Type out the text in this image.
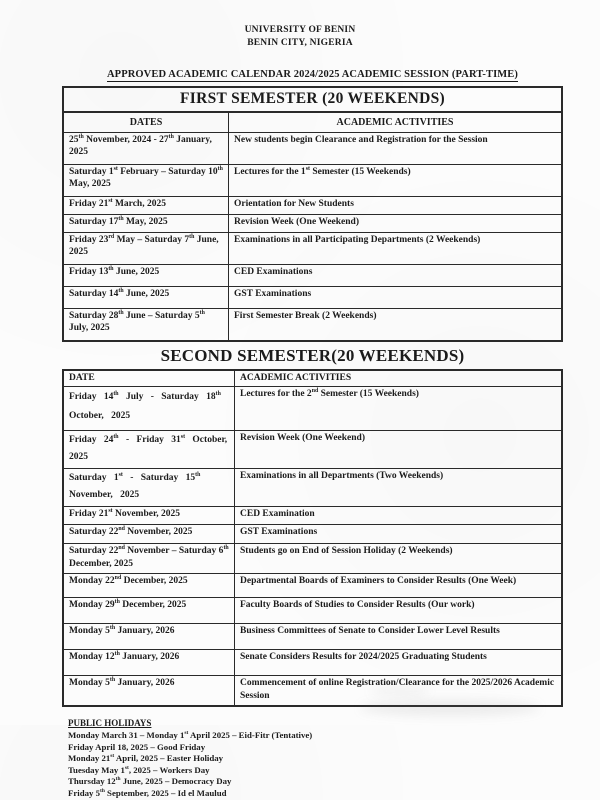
UNIVERSITY OF BENIN
BENIN CITY, NIGERIA
APPROVED ACADEMIC CALENDAR 2024/2025 ACADEMIC SESSION (PART-TIME)
FIRST SEMESTER (20 WEEKENDS)
DATES	ACADEMIC ACTIVITIES
25th November, 2024 - 27th January, 2025	New students begin Clearance and Registration for the Session
Saturday 1st February – Saturday 10th May, 2025	Lectures for the 1st Semester (15 Weekends)
Friday 21st March, 2025	Orientation for New Students
Saturday 17th May, 2025	Revision Week (One Weekend)
Friday 23rd May – Saturday 7th June, 2025	Examinations in all Participating Departments (2 Weekends)
Friday 13th June, 2025	CED Examinations
Saturday 14th June, 2025	GST Examinations
Saturday 28th June – Saturday 5th July, 2025	First Semester Break (2 Weekends)
SECOND SEMESTER(20 WEEKENDS)
DATE	ACADEMIC ACTIVITIES
Friday 14th July - Saturday 18th October, 2025	Lectures for the 2nd Semester (15 Weekends)
Friday 24th - Friday 31st October, 2025	Revision Week (One Weekend)
Saturday 1st - Saturday 15th November, 2025	Examinations in all Departments (Two Weekends)
Friday 21st November, 2025	CED Examination
Saturday 22nd November, 2025	GST Examinations
Saturday 22nd November – Saturday 6th December, 2025	Students go on End of Session Holiday (2 Weekends)
Monday 22nd December, 2025	Departmental Boards of Examiners to Consider Results (One Week)
Monday 29th December, 2025	Faculty Boards of Studies to Consider Results (Our work)
Monday 5th January, 2026	Business Committees of Senate to Consider Lower Level Results
Monday 12th January, 2026	Senate Considers Results for 2024/2025 Graduating Students
Monday 5th January, 2026	Commencement of online Registration/Clearance for the 2025/2026 Academic Session
PUBLIC HOLIDAYS
Monday March 31 – Monday 1st April 2025 – Eid-Fitr (Tentative)
Friday April 18, 2025 – Good Friday
Monday 21st April, 2025 – Easter Holiday
Tuesday May 1st, 2025 – Workers Day
Thursday 12th June, 2025 – Democracy Day
Friday 5th September, 2025 – Id el Maulud
